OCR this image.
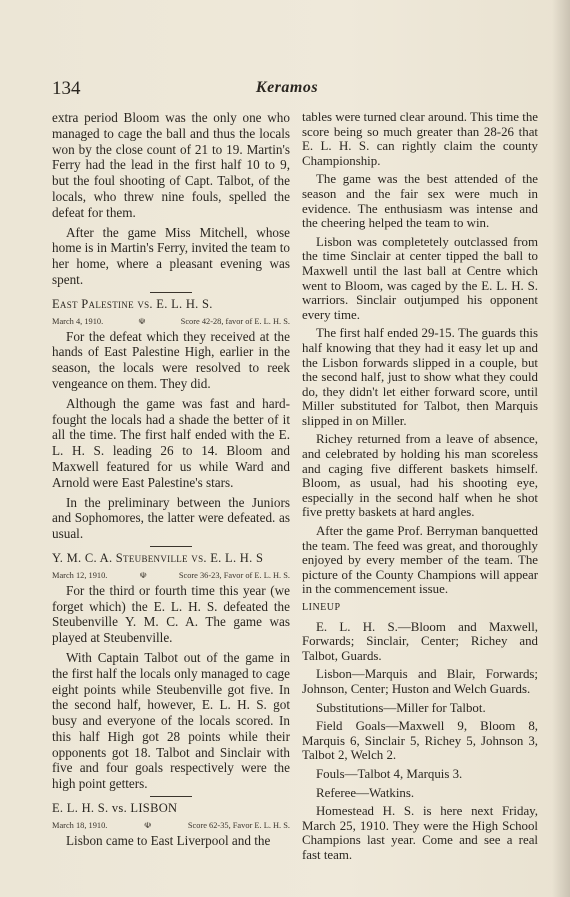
134	Keramos

extra period Bloom was the only one who managed to cage the ball and thus the locals won by the close count of 21 to 19. Martin's Ferry had the lead in the first half 10 to 9, but the foul shooting of Capt. Talbot, of the locals, who threw nine fouls, spelled the defeat for them.

After the game Miss Mitchell, whose home is in Martin's Ferry, invited the team to her home, where a pleasant evening was spent.

East Palestine vs. E. L. H. S.

March 4, 1910.	☫	Score 42-28, favor of E. L. H. S.

For the defeat which they received at the hands of East Palestine High, earlier in the season, the locals were resolved to reek vengeance on them. They did.

Although the game was fast and hard-fought the locals had a shade the better of it all the time. The first half ended with the E. L. H. S. leading 26 to 14. Bloom and Maxwell featured for us while Ward and Arnold were East Palestine's stars.

In the preliminary between the Juniors and Sophomores, the latter were defeated. as usual.

Y. M. C. A. Steubenville vs. E. L. H. S

March 12, 1910.	☫	Score 36-23, Favor of E. L. H. S.

For the third or fourth time this year (we forget which) the E. L. H. S. defeated the Steubenville Y. M. C. A. The game was played at Steubenville.

With Captain Talbot out of the game in the first half the locals only managed to cage eight points while Steubenville got five. In the second half, however, E. L. H. S. got busy and everyone of the locals scored. In this half High got 28 points while their opponents got 18. Talbot and Sinclair with five and four goals respectively were the high point getters.

E. L. H. S. vs. LISBON

March 18, 1910.	☫	Score 62-35, Favor E. L. H. S.

Lisbon came to East Liverpool and the

tables were turned clear around. This time the score being so much greater than 28-26 that E. L. H. S. can rightly claim the county Championship.

The game was the best attended of the season and the fair sex were much in evidence. The enthusiasm was intense and the cheering helped the team to win.

Lisbon was completetely outclassed from the time Sinclair at center tipped the ball to Maxwell until the last ball at Centre which went to Bloom, was caged by the E. L. H. S. warriors. Sinclair outjumped his opponent every time.

The first half ended 29-15. The guards this half knowing that they had it easy let up and the Lisbon forwards slipped in a couple, but the second half, just to show what they could do, they didn't let either forward score, until Miller substituted for Talbot, then Marquis slipped in on Miller.

Richey returned from a leave of absence, and celebrated by holding his man scoreless and caging five different baskets himself. Bloom, as usual, had his shooting eye, especially in the second half when he shot five pretty baskets at hard angles.

After the game Prof. Berryman banquetted the team. The feed was great, and thoroughly enjoyed by every member of the team. The picture of the County Champions will appear in the commencement issue.

LINEUP

E. L. H. S.—Bloom and Maxwell, Forwards; Sinclair, Center; Richey and Talbot, Guards.

Lisbon—Marquis and Blair, Forwards; Johnson, Center; Huston and Welch Guards.

Substitutions—Miller for Talbot.

Field Goals—Maxwell 9, Bloom 8, Marquis 6, Sinclair 5, Richey 5, Johnson 3, Talbot 2, Welch 2.

Fouls—Talbot 4, Marquis 3.

Referee—Watkins.

Homestead H. S. is here next Friday, March 25, 1910. They were the High School Champions last year. Come and see a real fast team.
